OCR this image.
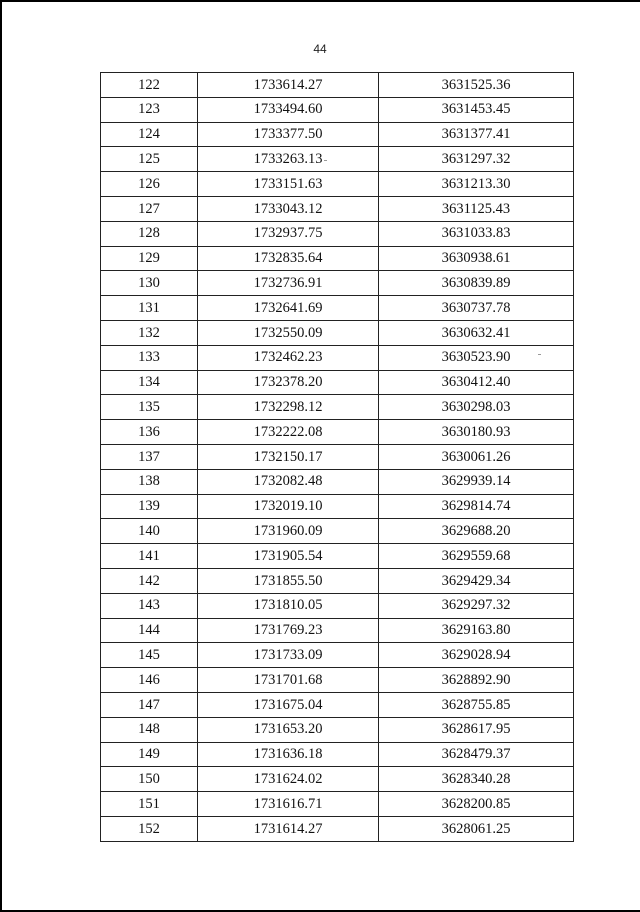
44
122	1733614.27	3631525.36
123	1733494.60	3631453.45
124	1733377.50	3631377.41
125	1733263.13	3631297.32
126	1733151.63	3631213.30
127	1733043.12	3631125.43
128	1732937.75	3631033.83
129	1732835.64	3630938.61
130	1732736.91	3630839.89
131	1732641.69	3630737.78
132	1732550.09	3630632.41
133	1732462.23	3630523.90
134	1732378.20	3630412.40
135	1732298.12	3630298.03
136	1732222.08	3630180.93
137	1732150.17	3630061.26
138	1732082.48	3629939.14
139	1732019.10	3629814.74
140	1731960.09	3629688.20
141	1731905.54	3629559.68
142	1731855.50	3629429.34
143	1731810.05	3629297.32
144	1731769.23	3629163.80
145	1731733.09	3629028.94
146	1731701.68	3628892.90
147	1731675.04	3628755.85
148	1731653.20	3628617.95
149	1731636.18	3628479.37
150	1731624.02	3628340.28
151	1731616.71	3628200.85
152	1731614.27	3628061.25
